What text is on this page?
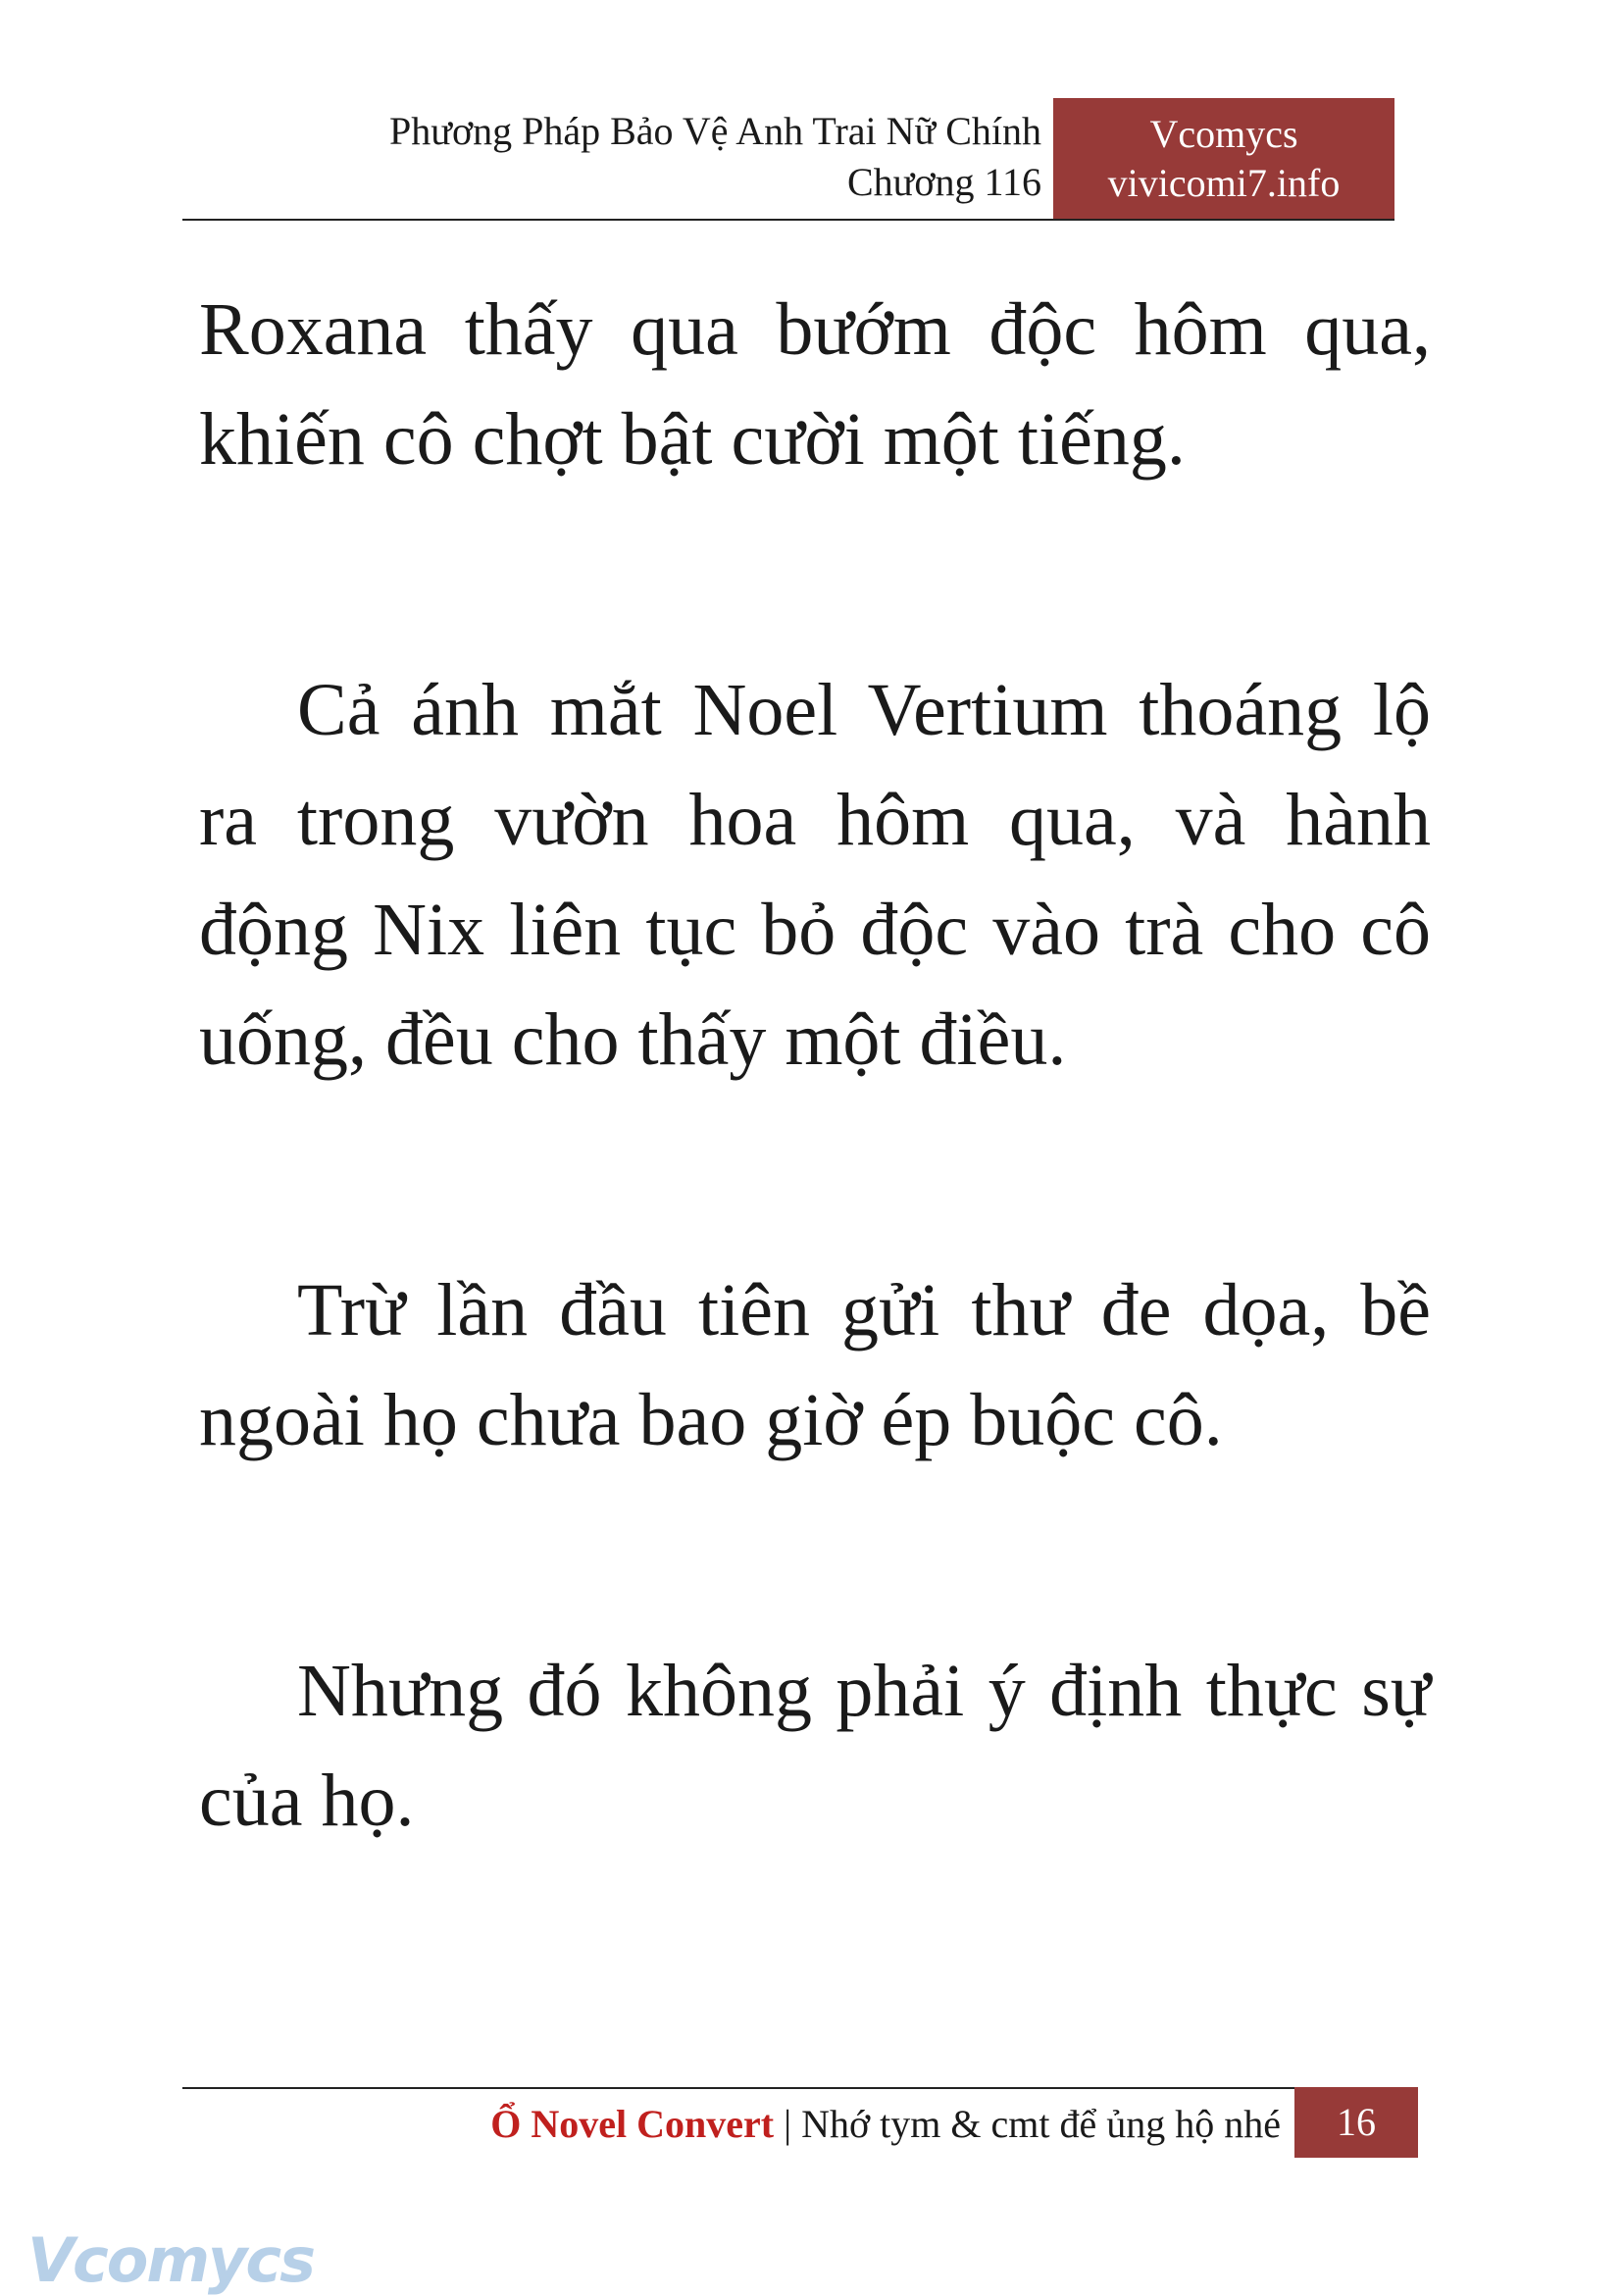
Phương Pháp Bảo Vệ Anh Trai Nữ Chính
Chương 116
Vcomycs
vivicomi7.info

Roxana thấy qua bướm độc hôm qua, khiến cô chợt bật cười một tiếng.

Cả ánh mắt Noel Vertium thoáng lộ ra trong vườn hoa hôm qua, và hành động Nix liên tục bỏ độc vào trà cho cô uống, đều cho thấy một điều.

Trừ lần đầu tiên gửi thư đe dọa, bề ngoài họ chưa bao giờ ép buộc cô.

Nhưng đó không phải ý định thực sự của họ.

Ổ Novel Convert | Nhớ tym & cmt để ủng hộ nhé	16
Vcomycs
